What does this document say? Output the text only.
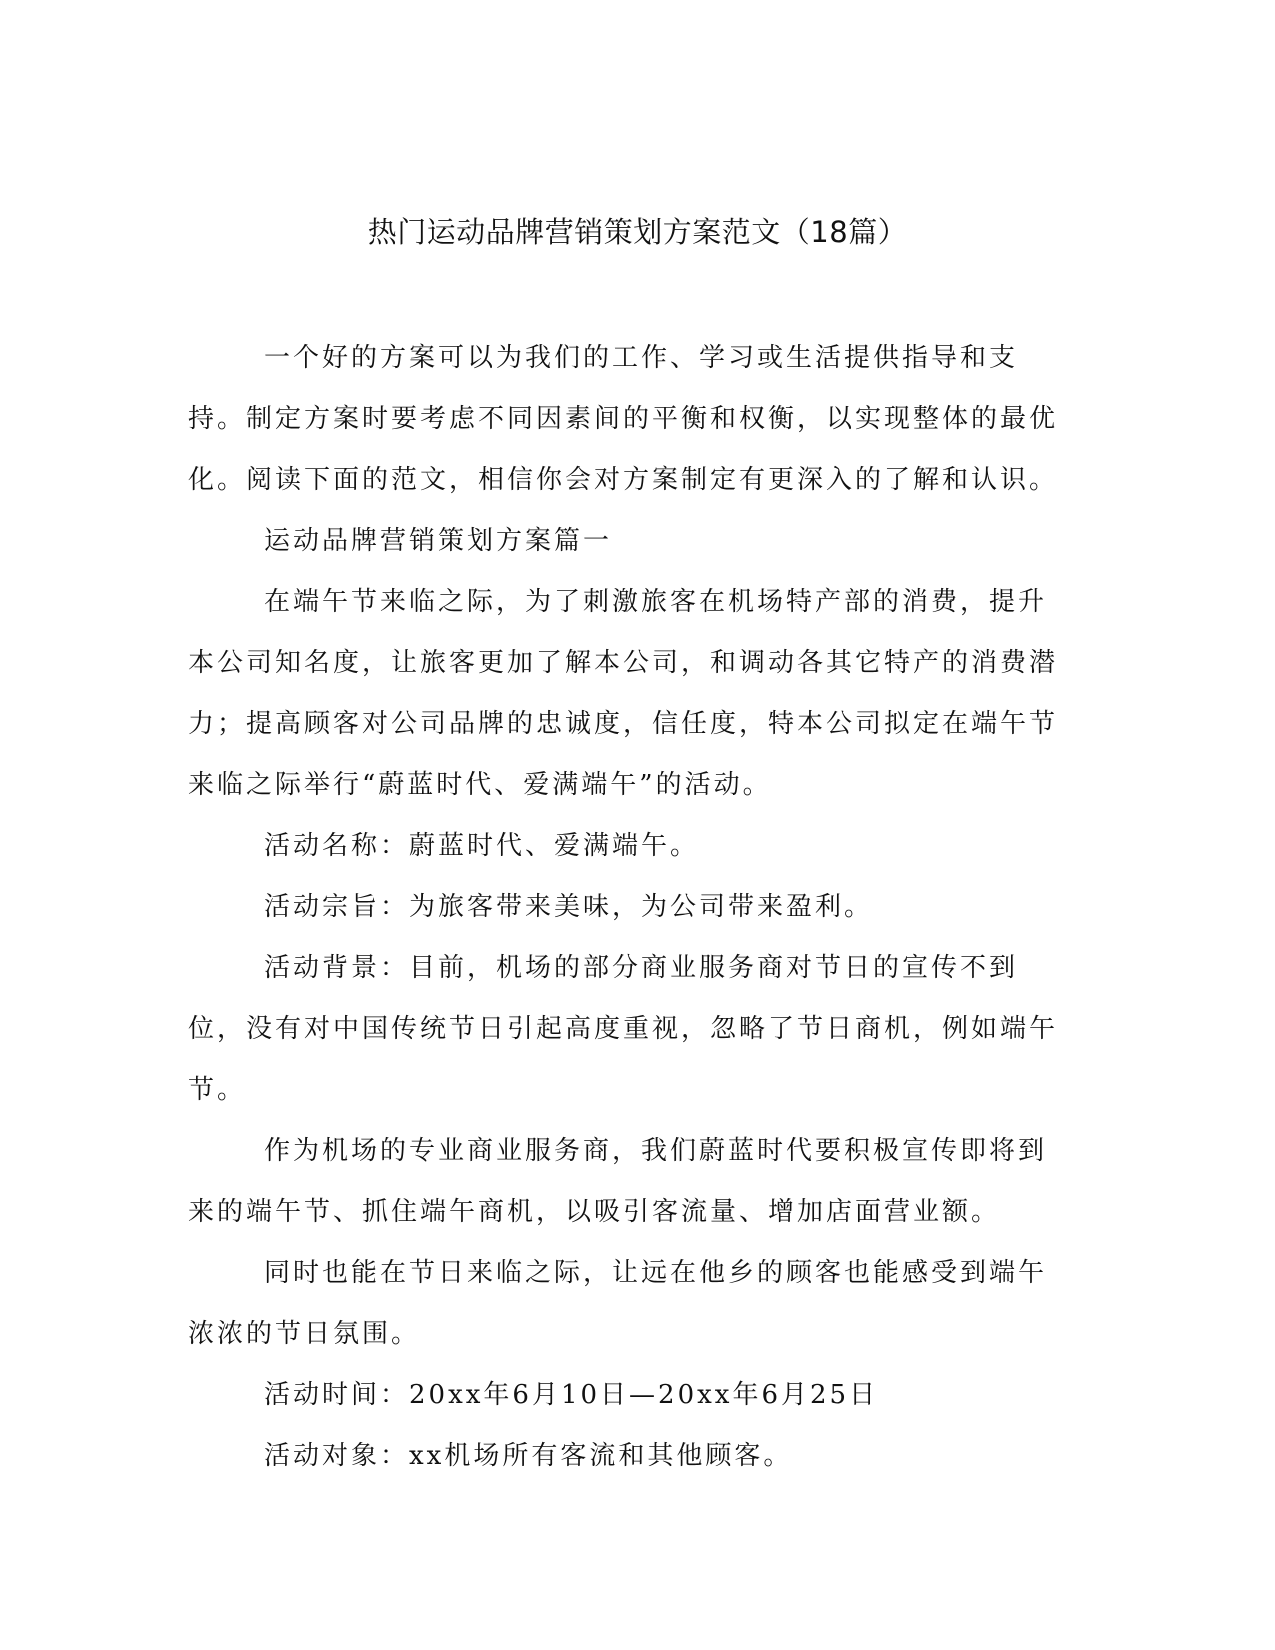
热门运动品牌营销策划方案范文（18篇）

一个好的方案可以为我们的工作、学习或生活提供指导和支持。制定方案时要考虑不同因素间的平衡和权衡，以实现整体的最优化。阅读下面的范文，相信你会对方案制定有更深入的了解和认识。

运动品牌营销策划方案篇一

在端午节来临之际，为了刺激旅客在机场特产部的消费，提升本公司知名度，让旅客更加了解本公司，和调动各其它特产的消费潜力；提高顾客对公司品牌的忠诚度，信任度，特本公司拟定在端午节来临之际举行“蔚蓝时代、爱满端午”的活动。

活动名称：蔚蓝时代、爱满端午。

活动宗旨：为旅客带来美味，为公司带来盈利。

活动背景：目前，机场的部分商业服务商对节日的宣传不到位，没有对中国传统节日引起高度重视，忽略了节日商机，例如端午节。

作为机场的专业商业服务商，我们蔚蓝时代要积极宣传即将到来的端午节、抓住端午商机，以吸引客流量、增加店面营业额。

同时也能在节日来临之际，让远在他乡的顾客也能感受到端午浓浓的节日氛围。

活动时间：20xx年6月10日—20xx年6月25日

活动对象：xx机场所有客流和其他顾客。
